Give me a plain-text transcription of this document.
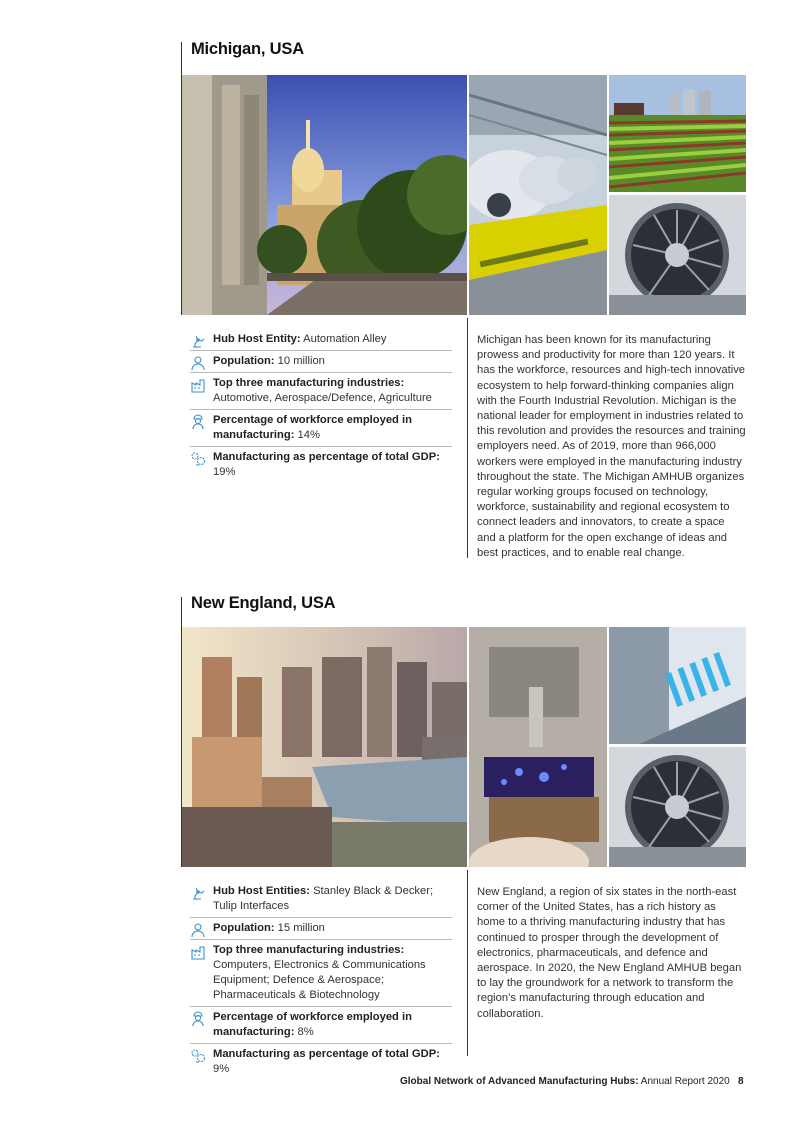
Michigan, USA
Hub Host Entity: Automation Alley
Population: 10 million
Top three manufacturing industries:
Automotive, Aerospace/Defence, Agriculture
Percentage of workforce employed in manufacturing: 14%
Manufacturing as percentage of total GDP: 19%

Michigan has been known for its manufacturing prowess and productivity for more than 120 years. It has the workforce, resources and high-tech innovative ecosystem to help forward-thinking companies align with the Fourth Industrial Revolution. Michigan is the national leader for employment in industries related to this revolution and provides the resources and training employers need. As of 2019, more than 966,000 workers were employed in the manufacturing industry throughout the state. The Michigan AMHUB organizes regular working groups focused on technology, workforce, sustainability and regional ecosystem to connect leaders and innovators, to create a space and a platform for the open exchange of ideas and best practices, and to enable real change.

New England, USA
Hub Host Entities: Stanley Black & Decker; Tulip Interfaces
Population: 15 million
Top three manufacturing industries:
Computers, Electronics & Communications Equipment; Defence & Aerospace; Pharmaceuticals & Biotechnology
Percentage of workforce employed in manufacturing: 8%
Manufacturing as percentage of total GDP: 9%

New England, a region of six states in the north-east corner of the United States, has a rich history as home to a thriving manufacturing industry that has continued to prosper through the development of electronics, pharmaceuticals, and defence and aerospace. In 2020, the New England AMHUB began to lay the groundwork for a network to transform the region’s manufacturing through education and collaboration.

Global Network of Advanced Manufacturing Hubs: Annual Report 2020 8
